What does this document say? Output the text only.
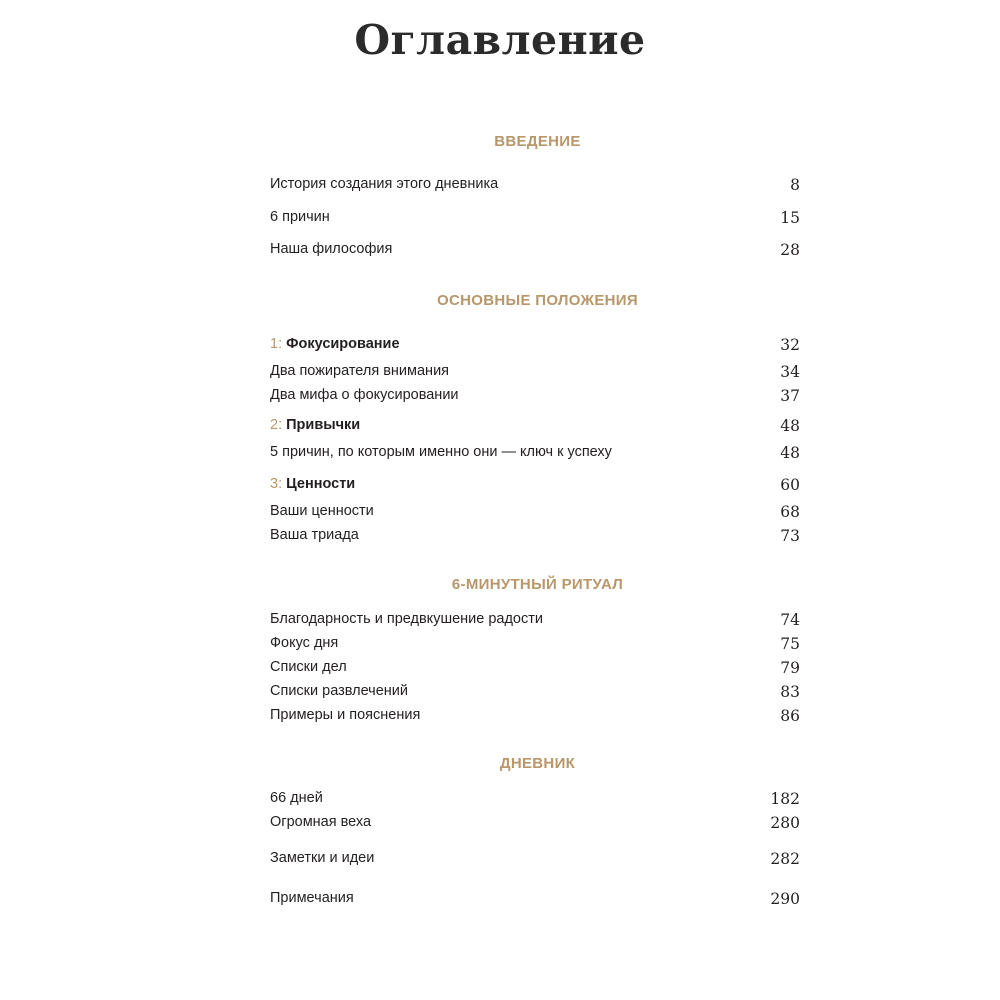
Оглавление
ВВЕДЕНИЕ
История создания этого дневника	8
6 причин	15
Наша философия	28
ОСНОВНЫЕ ПОЛОЖЕНИЯ
1: Фокусирование	32
Два пожирателя внимания	34
Два мифа о фокусировании	37
2: Привычки	48
5 причин, по которым именно они — ключ к успеху	48
3: Ценности	60
Ваши ценности	68
Ваша триада	73
6-МИНУТНЫЙ РИТУАЛ
Благодарность и предвкушение радости	74
Фокус дня	75
Списки дел	79
Списки развлечений	83
Примеры и пояснения	86
ДНЕВНИК
66 дней	182
Огромная веха	280
Заметки и идеи	282
Примечания	290
